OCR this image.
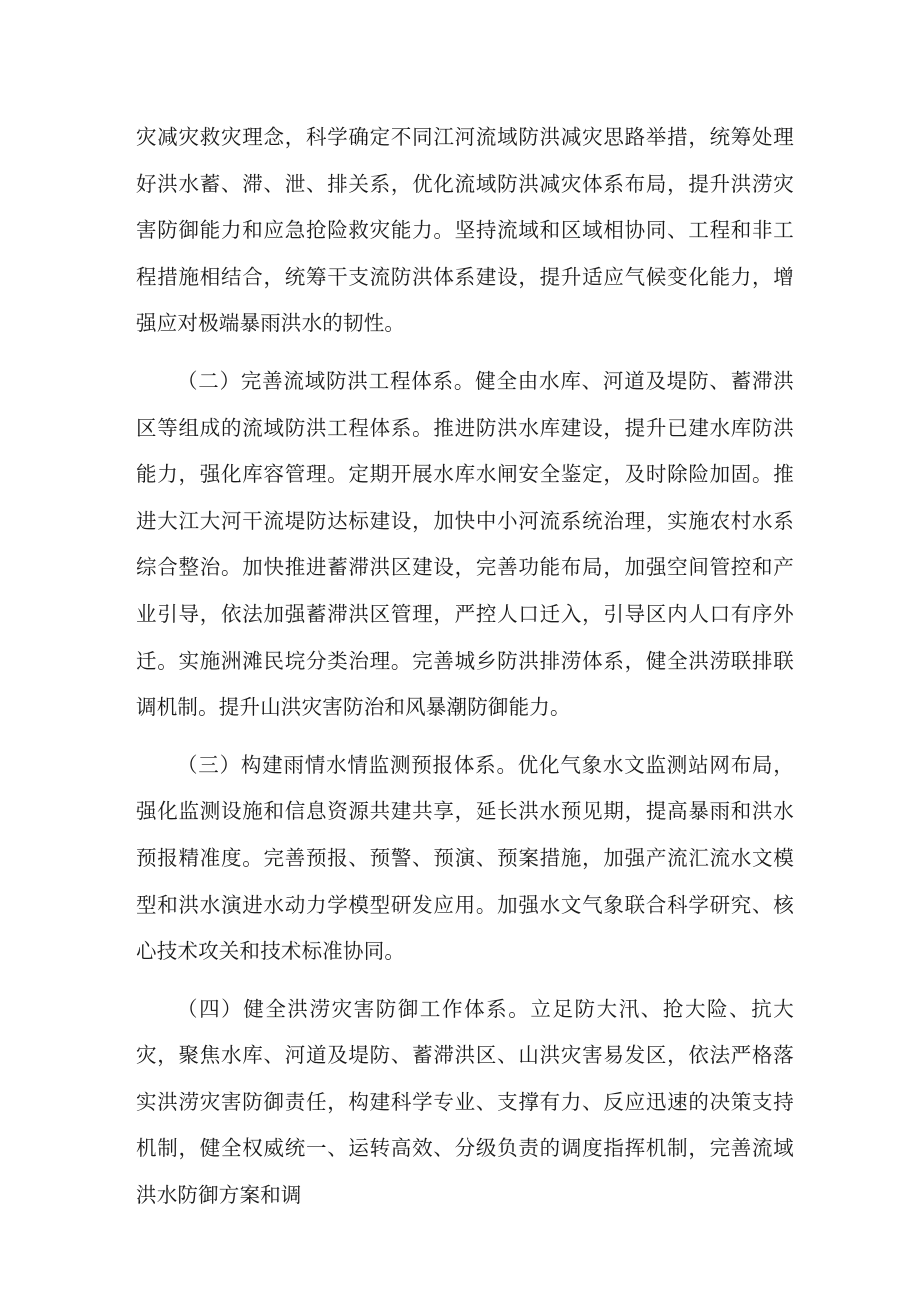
灾减灾救灾理念，科学确定不同江河流域防洪减灾思路举措，统筹处理好洪水蓄、滞、泄、排关系，优化流域防洪减灾体系布局，提升洪涝灾害防御能力和应急抢险救灾能力。坚持流域和区域相协同、工程和非工程措施相结合，统筹干支流防洪体系建设，提升适应气候变化能力，增强应对极端暴雨洪水的韧性。

（二）完善流域防洪工程体系。健全由水库、河道及堤防、蓄滞洪区等组成的流域防洪工程体系。推进防洪水库建设，提升已建水库防洪能力，强化库容管理。定期开展水库水闸安全鉴定，及时除险加固。推进大江大河干流堤防达标建设，加快中小河流系统治理，实施农村水系综合整治。加快推进蓄滞洪区建设，完善功能布局，加强空间管控和产业引导，依法加强蓄滞洪区管理，严控人口迁入，引导区内人口有序外迁。实施洲滩民垸分类治理。完善城乡防洪排涝体系，健全洪涝联排联调机制。提升山洪灾害防治和风暴潮防御能力。

（三）构建雨情水情监测预报体系。优化气象水文监测站网布局，强化监测设施和信息资源共建共享，延长洪水预见期，提高暴雨和洪水预报精准度。完善预报、预警、预演、预案措施，加强产流汇流水文模型和洪水演进水动力学模型研发应用。加强水文气象联合科学研究、核心技术攻关和技术标准协同。

（四）健全洪涝灾害防御工作体系。立足防大汛、抢大险、抗大灾，聚焦水库、河道及堤防、蓄滞洪区、山洪灾害易发区，依法严格落实洪涝灾害防御责任，构建科学专业、支撑有力、反应迅速的决策支持机制，健全权威统一、运转高效、分级负责的调度指挥机制，完善流域洪水防御方案和调
